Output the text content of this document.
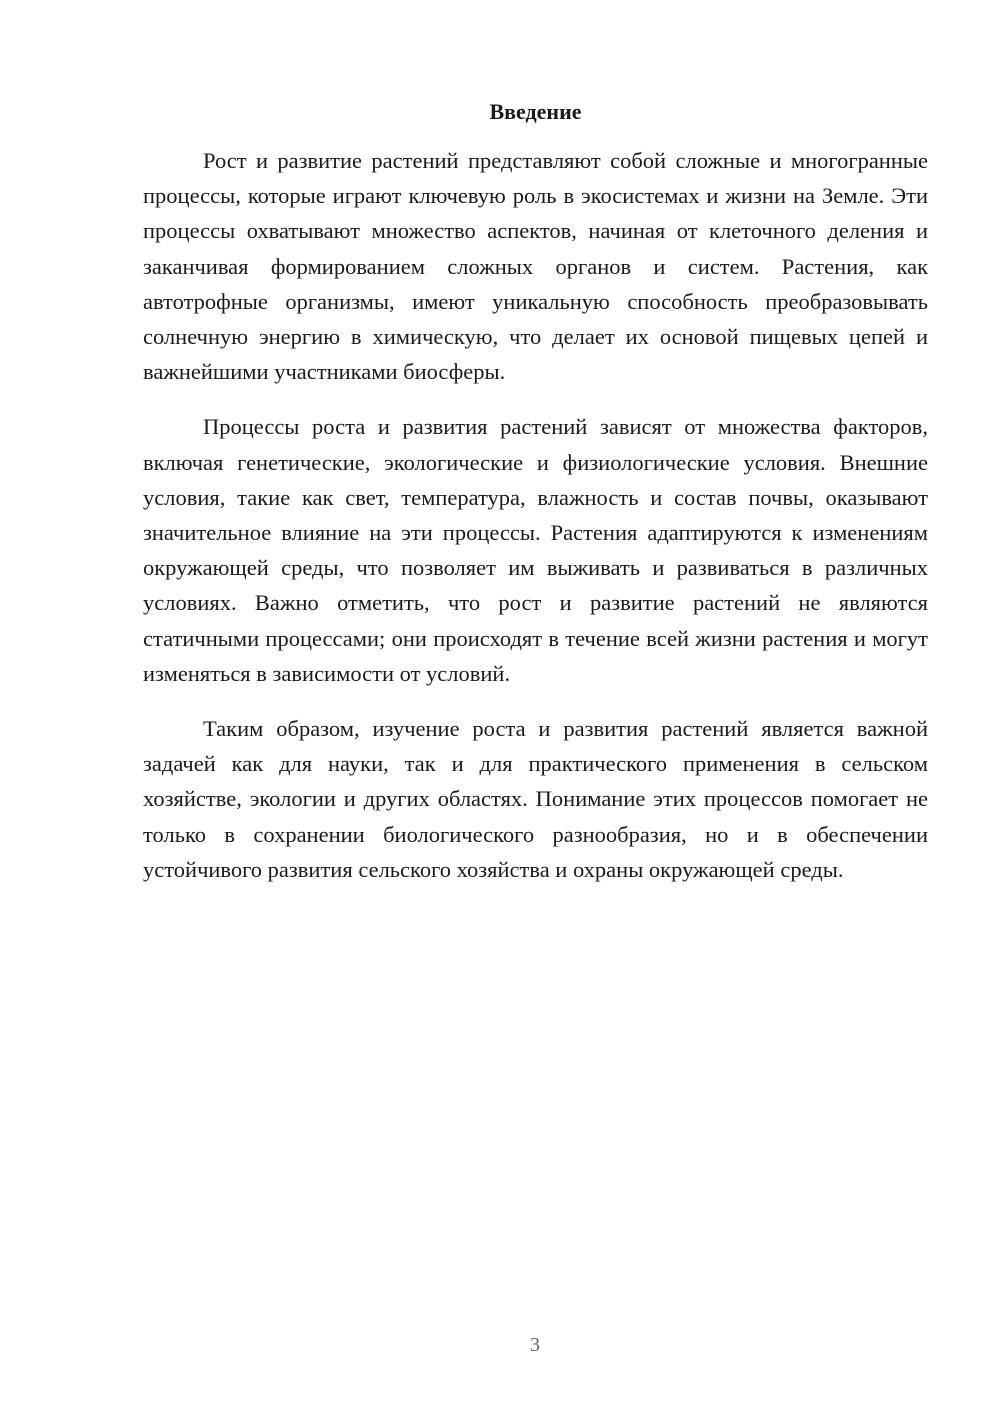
Введение

Рост и развитие растений представляют собой сложные и многогранные процессы, которые играют ключевую роль в экосистемах и жизни на Земле. Эти процессы охватывают множество аспектов, начиная от клеточного деления и заканчивая формированием сложных органов и систем. Растения, как автотрофные организмы, имеют уникальную способность преобразовывать солнечную энергию в химическую, что делает их основой пищевых цепей и важнейшими участниками биосферы.

Процессы роста и развития растений зависят от множества факторов, включая генетические, экологические и физиологические условия. Внешние условия, такие как свет, температура, влажность и состав почвы, оказывают значительное влияние на эти процессы. Растения адаптируются к изменениям окружающей среды, что позволяет им выживать и развиваться в различных условиях. Важно отметить, что рост и развитие растений не являются статичными процессами; они происходят в течение всей жизни растения и могут изменяться в зависимости от условий.

Таким образом, изучение роста и развития растений является важной задачей как для науки, так и для практического применения в сельском хозяйстве, экологии и других областях. Понимание этих процессов помогает не только в сохранении биологического разнообразия, но и в обеспечении устойчивого развития сельского хозяйства и охраны окружающей среды.

3
